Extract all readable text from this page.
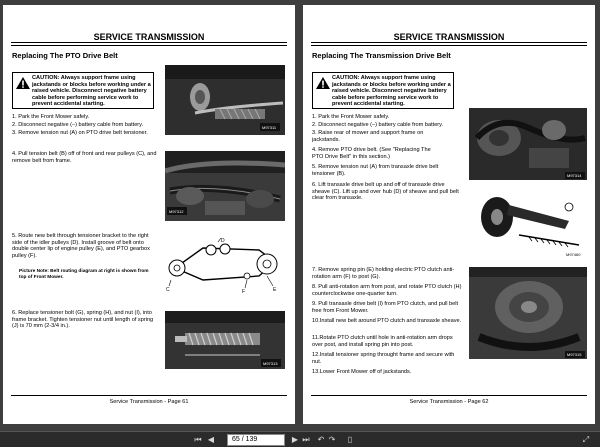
SERVICE TRANSMISSION
Replacing The PTO Drive Belt
CAUTION: Always support frame using jackstands or blocks before working under a raised vehicle. Disconnect negative battery cable before performing service work to prevent accidental starting.
1. Park the Front Mower safely.
2. Disconnect negative (–) battery cable from battery.
3. Remove tension nut (A) on PTO drive belt tensioner.
4. Pull tension belt (B) off of front and rear pulleys (C), and remove belt from frame.
5. Route new belt through tensioner bracket to the right side of the idler pulleys (D). Install groove of belt onto double center lip of engine pulley (E), and PTO gearbox pulley (F).
Picture Note: Belt routing diagram at right is shown from top of Front Mower.
6. Replace tensioner bolt (G), spring (H), and nut (I), into frame bracket. Tighten tensioner nut until length of spring (J) is 70 mm (2-3/4 in.).
M97311
M97312
C
D
E
F
M97313
Service Transmission - Page 61
SERVICE TRANSMISSION
Replacing The Transmission Drive Belt
CAUTION: Always support frame using jackstands or blocks before working under a raised vehicle. Disconnect negative battery cable before performing service work to prevent accidental starting.
1. Park the Front Mower safely.
2. Disconnect negative (–) battery cable from battery.
3. Raise rear of mower and support frame on jackstands.
4. Remove PTO drive belt. (See "Replacing The PTO Drive Belt" in this section.)
5. Remove tension nut (A) from transaxle drive belt tensioner (B).
6. Lift transaxle drive belt up and off of transaxle drive sheave (C). Lift up and over hub (D) of sheave and pull belt clear from transaxle.
7. Remove spring pin (E) holding electric PTO clutch anti-rotation arm (F) to post (G).
8. Pull anti-rotation arm from post, and rotate PTO clutch (H) counterclockwise one-quarter turn.
9. Pull transaxle drive belt (I) from PTO clutch, and pull belt free from Front Mower.
10.Install new belt around PTO clutch and transaxle sheave.
11.Rotate PTO clutch until hole in anti-rotation arm drops over post, and install spring pin into post.
12.Install tensioner spring throught frame and secure with nut.
13.Lower Front Mower off of jackstands.
M97314
M97460
M97315
Service Transmission - Page 62
⏮ ◀	65 / 139	▶ ⏭ ↶ ↷	▯	⤢
